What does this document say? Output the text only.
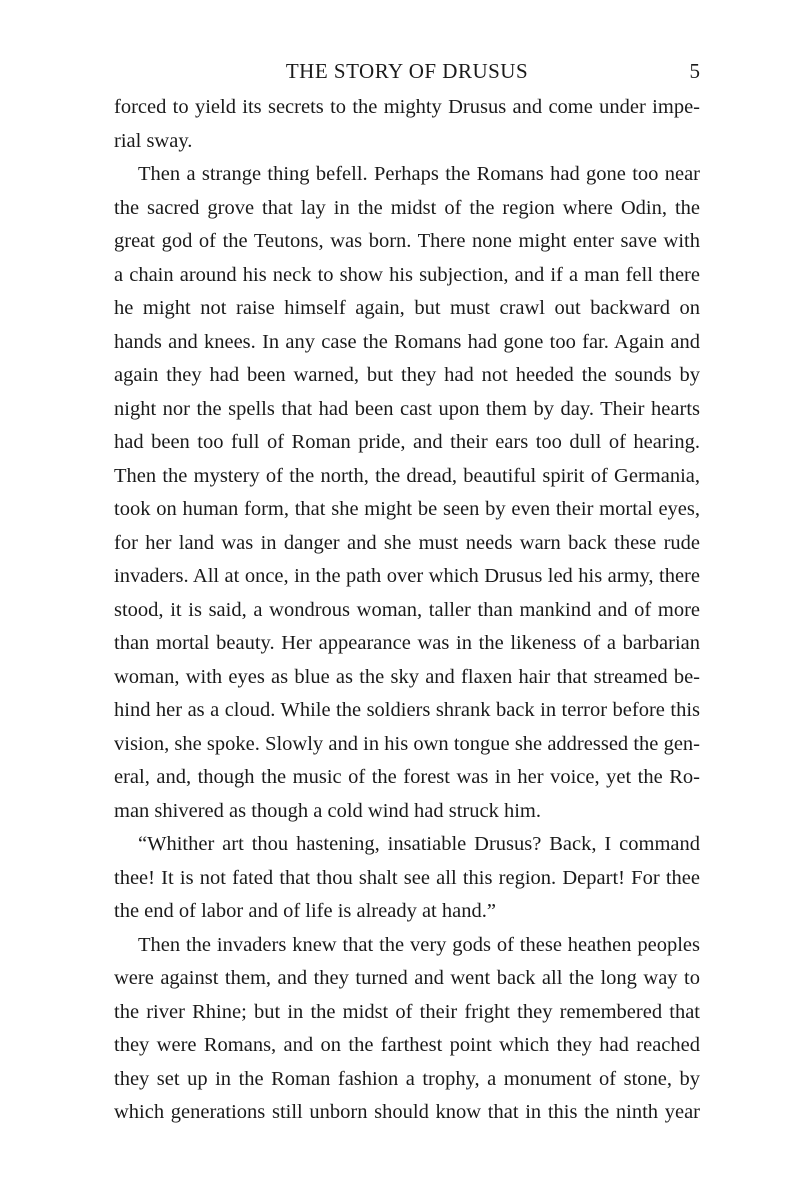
THE STORY OF DRUSUS	5
forced to yield its secrets to the mighty Drusus and come under impe-
rial sway.
Then a strange thing befell. Perhaps the Romans had gone too near
the sacred grove that lay in the midst of the region where Odin, the
great god of the Teutons, was born. There none might enter save with
a chain around his neck to show his subjection, and if a man fell there
he might not raise himself again, but must crawl out backward on
hands and knees. In any case the Romans had gone too far. Again and
again they had been warned, but they had not heeded the sounds by
night nor the spells that had been cast upon them by day. Their hearts
had been too full of Roman pride, and their ears too dull of hearing.
Then the mystery of the north, the dread, beautiful spirit of Germania,
took on human form, that she might be seen by even their mortal eyes,
for her land was in danger and she must needs warn back these rude
invaders. All at once, in the path over which Drusus led his army, there
stood, it is said, a wondrous woman, taller than mankind and of more
than mortal beauty. Her appearance was in the likeness of a barbarian
woman, with eyes as blue as the sky and flaxen hair that streamed be-
hind her as a cloud. While the soldiers shrank back in terror before this
vision, she spoke. Slowly and in his own tongue she addressed the gen-
eral, and, though the music of the forest was in her voice, yet the Ro-
man shivered as though a cold wind had struck him.
“Whither art thou hastening, insatiable Drusus? Back, I command
thee! It is not fated that thou shalt see all this region. Depart! For thee
the end of labor and of life is already at hand.”
Then the invaders knew that the very gods of these heathen peoples
were against them, and they turned and went back all the long way to
the river Rhine; but in the midst of their fright they remembered that
they were Romans, and on the farthest point which they had reached
they set up in the Roman fashion a trophy, a monument of stone, by
which generations still unborn should know that in this the ninth year
